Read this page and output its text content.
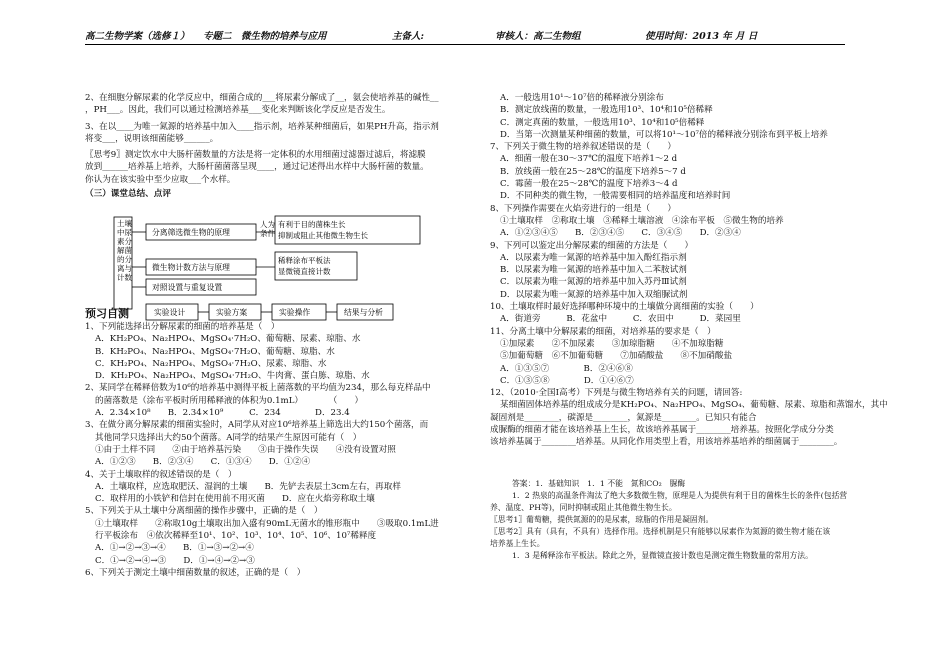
高二生物学案（选修１） 专题二　微生物的培养与应用	主备人:	审核人：高二生物组	使用时间：2013 年 月 日

2、在细胞分解尿素的化学反应中，细菌合成的___将尿素分解成了__，氨会使培养基的碱性__

，PH___。因此，我们可以通过检测培养基___变化来判断该化学反应是否发生。

3、在以____为唯一氮源的培养基中加入____指示剂，培养某种细菌后，如果PH升高，指示剂

将变___，说明该细菌能够______。

〖思考9〗测定饮水中大肠杆菌数量的方法是将一定体积的水用细菌过滤器过滤后，将滤膜

放到______培养基上培养，大肠杆菌菌落呈现____，通过记述得出水样中大肠杆菌的数量。

你认为在该实验中至少应取___个水样。

（三）课堂总结、点评

土壤中尿素分解菌的分离与计数
分离筛选微生物的原理
人为条件
有利于目的菌株生长抑制或阻止其他微生物生长
微生物计数方法与原理
稀释涂布平板法显微镜直接计数
对照设置与重复设置
实验设计	实验方案	实验操作	结果与分析

预习自测

1、下列能选择出分解尿素的细菌的培养基是（　）

A．KH₂PO₄、Na₂HPO₄、MgSO₄·7H₂O、葡萄糖、尿素、琼脂、水

B．KH₂PO₄、Na₂HPO₄、MgSO₄·7H₂O、葡萄糖、琼脂、水

C．KH₂PO₄、Na₂HPO₄、MgSO₄·7H₂O、尿素、琼脂、水

D．KH₂PO₄、Na₂HPO₄、MgSO₄·7H₂O、牛肉膏、蛋白胨、琼脂、水

2、某同学在稀释倍数为10⁶的培养基中测得平板上菌落数的平均值为234，那么每克样品中

的菌落数是（涂布平板时所用稀释液的体积为0.1mL）　　　　（　　）

A．2.34×10⁸　　B．2.34×10⁹　　　C．234　　　　D．23.4

3、在做分离分解尿素的细菌实验时，A同学从对应10⁶培养基上筛选出大约150个菌落，而

其他同学只选择出大约50个菌落。A同学的结果产生原因可能有（　）

①由于土样不同　　②由于培养基污染　　③由于操作失误　　④没有设置对照

A．①②③　　B．②③④　　C．①③④　　D．①②④

4、关于土壤取样的叙述错误的是（　）

A．土壤取样，应选取肥沃、湿润的土壤　　B．先铲去表层土3cm左右，再取样

C．取样用的小铁铲和信封在使用前不用灭菌　　D．应在火焰旁称取土壤

5、下列关于从土壤中分离细菌的操作步骤中，正确的是（　）

①土壤取样　　②称取10g土壤取出加入盛有90mL无菌水的锥形瓶中　　③吸取0.1mL进

行平板涂布　④依次稀释至10¹、10²、10³、10⁴、10⁵、10⁶、10⁷稀释度

A．①→②→③→④　　B．①→③→②→④

C．①→②→④→③　　D．①→④→②→③

6、下列关于测定土壤中细菌数量的叙述，正确的是（　）

A．一般选用10¹～10⁷倍的稀释液分别涂布

B．测定放线菌的数量，一般选用10³、10⁴和10⁵倍稀释

C．测定真菌的数量，一般选用10³、10⁴和10⁵倍稀释

D．当第一次测量某种细菌的数量，可以将10¹～10⁷倍的稀释液分别涂布到平板上培养

7、下列关于微生物的培养叙述错误的是（　　）

A．细菌一般在30～37℃的温度下培养1～2 d

B．放线菌一般在25～28℃的温度下培养5～7 d

C．霉菌一般在25～28℃的温度下培养3～4 d

D．不同种类的微生物，一般需要相同的培养温度和培养时间

8、下列操作需要在火焰旁进行的一组是（　　）

①土壤取样　②称取土壤　③稀释土壤溶液　④涂布平板　⑤微生物的培养

A．①②③④⑤　　B．②③④⑤　　C．③④⑤　　D．②③④

9、下列可以鉴定出分解尿素的细菌的方法是（　　）

A．以尿素为唯一氮源的培养基中加入酚红指示剂

B．以尿素为唯一氮源的培养基中加入二苯胺试剂

C．以尿素为唯一氮源的培养基中加入苏丹Ⅲ试剂

D．以尿素为唯一氮源的培养基中加入双缩脲试剂

10、土壤取样时最好选择哪种环境中的土壤做分离细菌的实验（　　）

A．街道旁　　　B．花盆中　　　C．农田中　　　D．菜园里

11、分离土壤中分解尿素的细菌，对培养基的要求是（　）

①加尿素　　②不加尿素　　③加琼脂糖　　④不加琼脂糖

⑤加葡萄糖　⑥不加葡萄糖　　⑦加硝酸盐　　⑧不加硝酸盐

A．①③⑤⑦　　　　B．②④⑥⑧

C．①③⑤⑧　　　　D．①④⑥⑦

12、（2010·全国Ⅰ高考）下列是与微生物培养有关的问题，请回答:

某细菌固体培养基的组成成分是KH₂PO₄、Na₂HPO₄、MgSO₄、葡萄糖、尿素、琼脂和蒸馏水，其中

凝固剂是________，碳源是________，氮源是________。已知只有能合

成脲酶的细菌才能在该培养基上生长，故该培养基属于________培养基。按照化学成分分类

该培养基属于________培养基。从同化作用类型上看，用该培养基培养的细菌属于________。

答案：1．基础知识　1．1 不能　氮和CO₂　脲酶

1．2 热泉的高温条件淘汰了绝大多数微生物，原理是人为提供有利于目的菌株生长的条件(包括营

养、温度、PH等)，同时抑制或阻止其他微生物生长。

〖思考1〗葡萄糖，提供氮源的的是尿素，琼脂的作用是凝固剂。

〖思考2〗具有（具有，不具有）选择作用。选择机制是只有能够以尿素作为氮源的微生物才能在该

培养基上生长。

1．3 是稀释涂布平板法。除此之外，显微镜直接计数也是测定微生物数量的常用方法。
